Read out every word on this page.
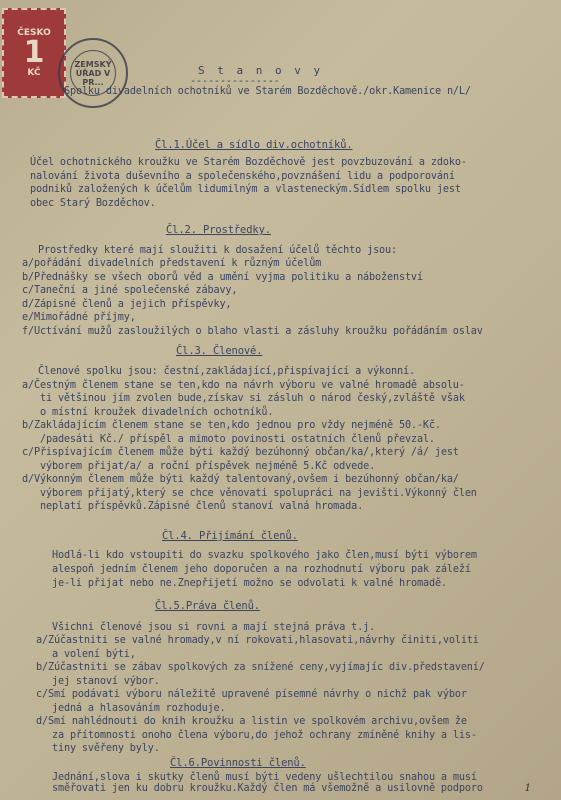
ČESKO
1
KČ
ZEMSKÝ ÚŘAD V PR...
S t a n o v y
---------------
Spolku divadelních ochotníků ve Starém Bozděchově./okr.Kamenice n/L/
Čl.1.Účel a sídlo div.ochotníků.
Účel ochotnického kroužku ve Starém Bozděchově jest povzbuzování a zdoko-
nalování života duševního a společenského,povznášení lidu a podporování
podniků založených k účelům lidumilným a vlasteneckým.Sídlem spolku jest
obec Starý Bozděchov.
Čl.2. Prostředky.
Prostředky které mají sloužiti k dosažení účelů těchto jsou:
a/pořádání divadelních představení k různým účelům
b/Přednášky se všech oborů věd a umění vyjma politiku a náboženství
c/Taneční a jiné společenské zábavy,
d/Zápisné členů a jejich příspěvky,
e/Mimořádné příjmy,
f/Uctívání mužů zasloužilých o blaho vlasti a zásluhy kroužku pořádáním oslav
Čl.3. Členové.
Členové spolku jsou: čestní,zakládající,přispívající a výkonní.
a/Čestným členem stane se ten,kdo na návrh výboru ve valné hromadě absolu-
ti většinou jím zvolen bude,získav si zásluh o národ český,zvláště však
o místní kroužek divadelních ochotníků.
b/Zakládajícím členem stane se ten,kdo jednou pro vždy nejméně 50.-Kč.
/padesáti Kč./ příspěl a mimoto povinosti ostatních členů převzal.
c/Přispívajícím členem může býti každý bezúhonný občan/ka/,který /á/ jest
výborem přijat/a/ a roční příspěvek nejméně 5.Kč odvede.
d/Výkonným členem může býti každý talentovaný,ovšem i bezúhonný občan/ka/
výborem přijatý,který se chce věnovati spolupráci na jevišti.Výkonný člen
neplatí příspěvků.Zápisné členů stanoví valná hromada.
Čl.4. Přijímání členů.
Hodlá-li kdo vstoupiti do svazku spolkového jako člen,musí býti výborem
alespoň jedním členem jeho doporučen a na rozhodnutí výboru pak záleží
je-li přijat nebo ne.Znepřijetí možno se odvolati k valné hromadě.
Čl.5.Práva členů.
Všichni členové jsou si rovni a mají stejná práva t.j.
a/Zúčastniti se valné hromady,v ní rokovati,hlasovati,návrhy činiti,voliti
a volení býti,
b/Zúčastniti se zábav spolkových za snížené ceny,vyjímajíc div.představení/
jej stanoví výbor.
c/Smí podávati výboru náležitě upravené písemné návrhy o nichž pak výbor
jedná a hlasováním rozhoduje.
d/Smí nahlédnouti do knih kroužku a listin ve spolkovém archivu,ovšem že
za přítomnosti onoho člena výboru,do jehož ochrany zmíněné knihy a lis-
tiny svěřeny byly.
Čl.6.Povinnosti členů.
Jednání,slova i skutky členů musí býti vedeny ušlechtilou snahou a musí
směřovati jen ku dobru kroužku.Každý člen má všemožně a usilovně podporo	1
